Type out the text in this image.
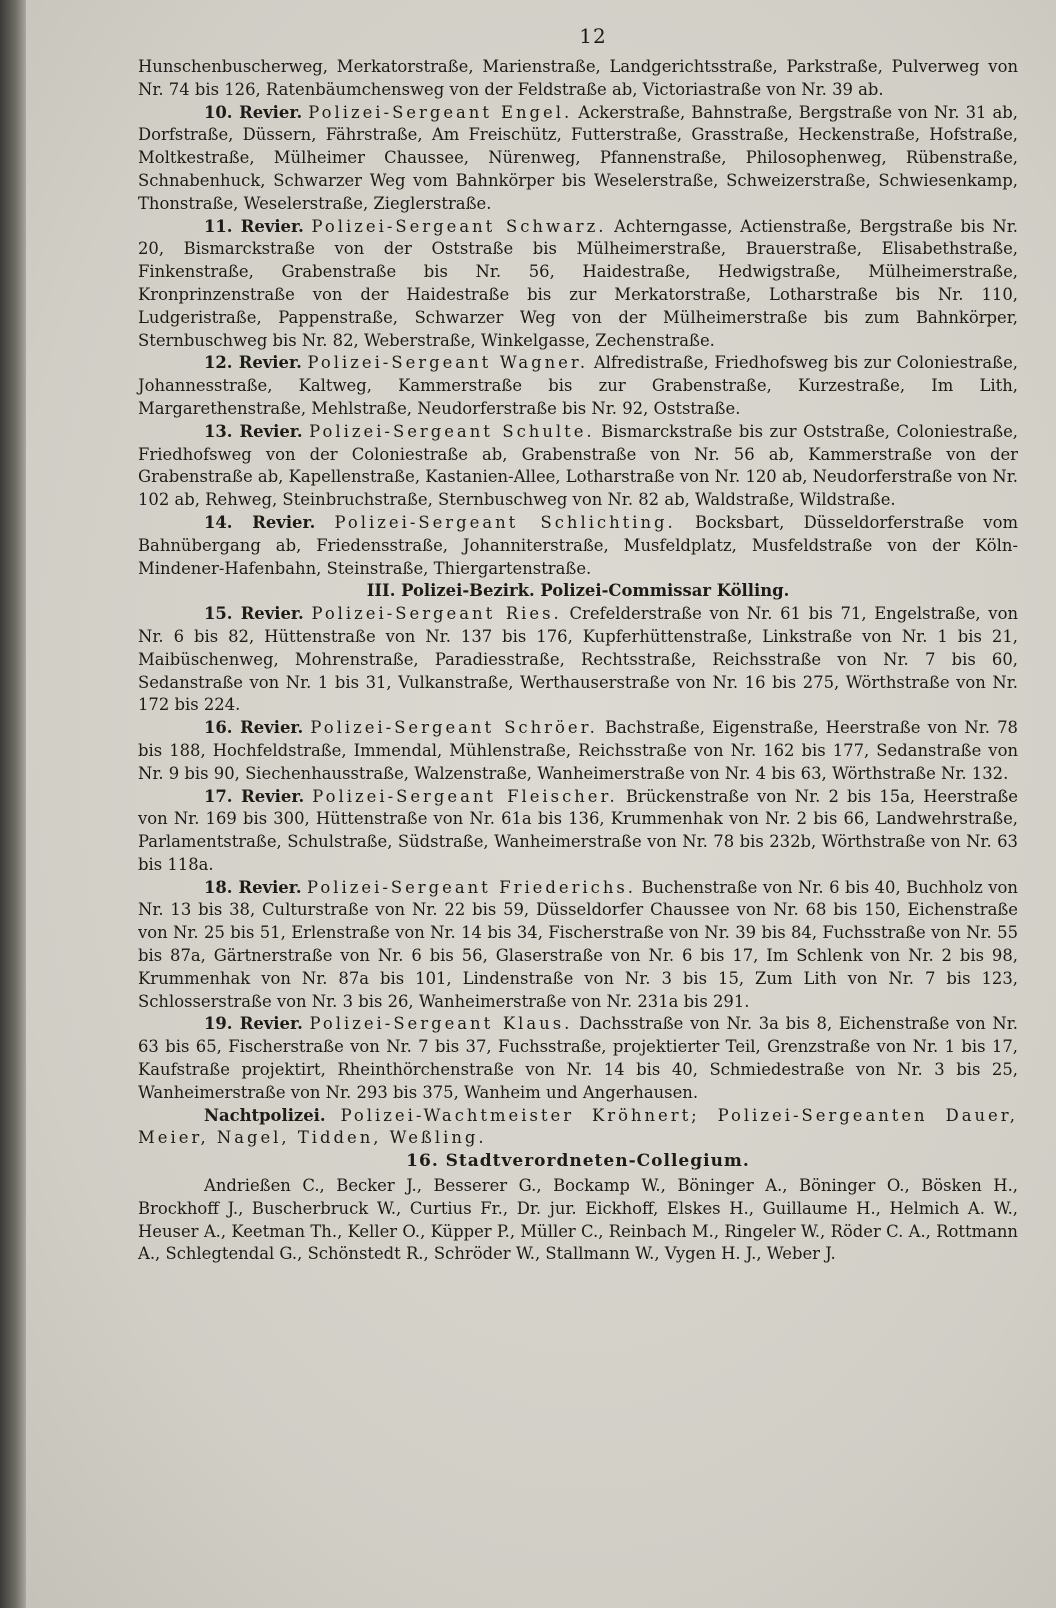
12

Hunschenbuscherweg, Merkatorstraße, Marienstraße, Landgerichtsstraße, Parkstraße, Pulverweg von Nr. 74 bis 126, Ratenbäumchensweg von der Feldstraße ab, Victoriastraße von Nr. 39 ab.

10. Revier. Polizei-Sergeant Engel. Ackerstraße, Bahnstraße, Bergstraße von Nr. 31 ab, Dorfstraße, Düssern, Fährstraße, Am Freischütz, Futterstraße, Grasstraße, Heckenstraße, Hofstraße, Moltkestraße, Mülheimer Chaussee, Nürenweg, Pfannenstraße, Philosophenweg, Rübenstraße, Schnabenhuck, Schwarzer Weg vom Bahnkörper bis Weselerstraße, Schweizerstraße, Schwiesenkamp, Thonstraße, Weselerstraße, Zieglerstraße.

11. Revier. Polizei-Sergeant Schwarz. Achterngasse, Actienstraße, Bergstraße bis Nr. 20, Bismarckstraße von der Oststraße bis Mülheimerstraße, Brauerstraße, Elisabethstraße, Finkenstraße, Grabenstraße bis Nr. 56, Haidestraße, Hedwigstraße, Mülheimerstraße, Kronprinzenstraße von der Haidestraße bis zur Merkatorstraße, Lotharstraße bis Nr. 110, Ludgeristraße, Pappenstraße, Schwarzer Weg von der Mülheimerstraße bis zum Bahnkörper, Sternbuschweg bis Nr. 82, Weberstraße, Winkelgasse, Zechenstraße.

12. Revier. Polizei-Sergeant Wagner. Alfredistraße, Friedhofsweg bis zur Coloniestraße, Johannesstraße, Kaltweg, Kammerstraße bis zur Grabenstraße, Kurzestraße, Im Lith, Margarethenstraße, Mehlstraße, Neudorferstraße bis Nr. 92, Oststraße.

13. Revier. Polizei-Sergeant Schulte. Bismarckstraße bis zur Oststraße, Coloniestraße, Friedhofsweg von der Coloniestraße ab, Grabenstraße von Nr. 56 ab, Kammerstraße von der Grabenstraße ab, Kapellenstraße, Kastanien-Allee, Lotharstraße von Nr. 120 ab, Neudorferstraße von Nr. 102 ab, Rehweg, Steinbruchstraße, Sternbuschweg von Nr. 82 ab, Waldstraße, Wildstraße.

14. Revier. Polizei-Sergeant Schlichting. Bocksbart, Düsseldorferstraße vom Bahnübergang ab, Friedensstraße, Johanniterstraße, Musfeldplatz, Musfeldstraße von der Köln-Mindener-Hafenbahn, Steinstraße, Thiergartenstraße.

III. Polizei-Bezirk. Polizei-Commissar Kölling.

15. Revier. Polizei-Sergeant Ries. Crefelderstraße von Nr. 61 bis 71, Engelstraße, von Nr. 6 bis 82, Hüttenstraße von Nr. 137 bis 176, Kupferhüttenstraße, Linkstraße von Nr. 1 bis 21, Maibüschenweg, Mohrenstraße, Paradiesstraße, Rechtsstraße, Reichsstraße von Nr. 7 bis 60, Sedanstraße von Nr. 1 bis 31, Vulkanstraße, Werthauserstraße von Nr. 16 bis 275, Wörthstraße von Nr. 172 bis 224.

16. Revier. Polizei-Sergeant Schröer. Bachstraße, Eigenstraße, Heerstraße von Nr. 78 bis 188, Hochfeldstraße, Immendal, Mühlenstraße, Reichsstraße von Nr. 162 bis 177, Sedanstraße von Nr. 9 bis 90, Siechenhausstraße, Walzenstraße, Wanheimerstraße von Nr. 4 bis 63, Wörthstraße Nr. 132.

17. Revier. Polizei-Sergeant Fleischer. Brückenstraße von Nr. 2 bis 15a, Heerstraße von Nr. 169 bis 300, Hüttenstraße von Nr. 61a bis 136, Krummenhak von Nr. 2 bis 66, Landwehrstraße, Parlamentstraße, Schulstraße, Südstraße, Wanheimerstraße von Nr. 78 bis 232b, Wörthstraße von Nr. 63 bis 118a.

18. Revier. Polizei-Sergeant Friederichs. Buchenstraße von Nr. 6 bis 40, Buchholz von Nr. 13 bis 38, Culturstraße von Nr. 22 bis 59, Düsseldorfer Chaussee von Nr. 68 bis 150, Eichenstraße von Nr. 25 bis 51, Erlenstraße von Nr. 14 bis 34, Fischerstraße von Nr. 39 bis 84, Fuchsstraße von Nr. 55 bis 87a, Gärtnerstraße von Nr. 6 bis 56, Glaserstraße von Nr. 6 bis 17, Im Schlenk von Nr. 2 bis 98, Krummenhak von Nr. 87a bis 101, Lindenstraße von Nr. 3 bis 15, Zum Lith von Nr. 7 bis 123, Schlosserstraße von Nr. 3 bis 26, Wanheimerstraße von Nr. 231a bis 291.

19. Revier. Polizei-Sergeant Klaus. Dachsstraße von Nr. 3a bis 8, Eichenstraße von Nr. 63 bis 65, Fischerstraße von Nr. 7 bis 37, Fuchsstraße, projektierter Teil, Grenzstraße von Nr. 1 bis 17, Kaufstraße projektirt, Rheinthörchenstraße von Nr. 14 bis 40, Schmiedestraße von Nr. 3 bis 25, Wanheimerstraße von Nr. 293 bis 375, Wanheim und Angerhausen.

Nachtpolizei. Polizei-Wachtmeister Kröhnert; Polizei-Sergeanten Dauer, Meier, Nagel, Tidden, Weßling.

16. Stadtverordneten-Collegium.

Andrießen C., Becker J., Besserer G., Bockamp W., Böninger A., Böninger O., Bösken H., Brockhoff J., Buscherbruck W., Curtius Fr., Dr. jur. Eickhoff, Elskes H., Guillaume H., Helmich A. W., Heuser A., Keetman Th., Keller O., Küpper P., Müller C., Reinbach M., Ringeler W., Röder C. A., Rottmann A., Schlegtendal G., Schönstedt R., Schröder W., Stallmann W., Vygen H. J., Weber J.
